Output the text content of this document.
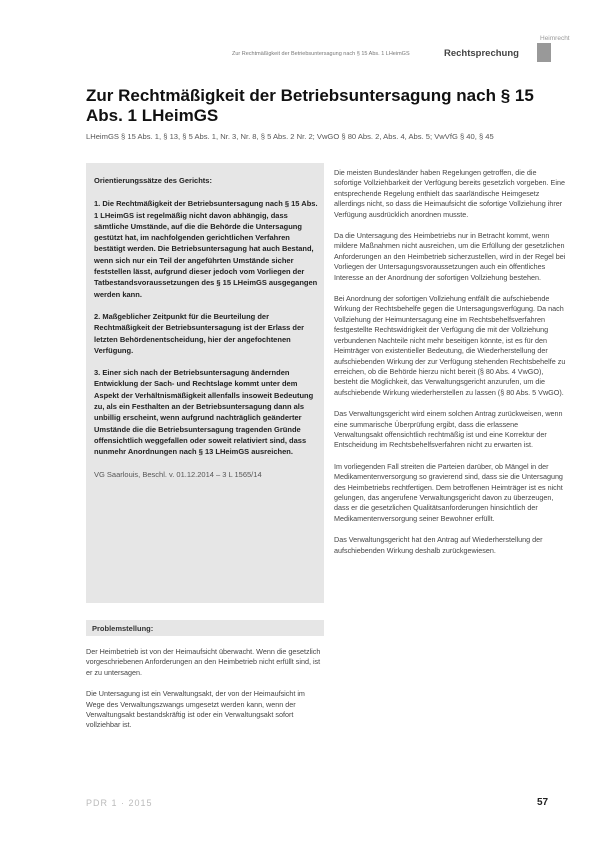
Heimrecht
Zur Rechtmäßigkeit der Betriebsuntersagung nach § 15 Abs. 1 LHeimGS	Rechtsprechung
Zur Rechtmäßigkeit der Betriebsuntersagung nach § 15 Abs. 1 LHeimGS
LHeimGS § 15 Abs. 1, § 13, § 5 Abs. 1, Nr. 3, Nr. 8, § 5 Abs. 2 Nr. 2; VwGO § 80 Abs. 2, Abs. 4, Abs. 5; VwVfG § 40, § 45
Orientierungssätze des Gerichts:
1. Die Rechtmäßigkeit der Betriebsuntersagung nach § 15 Abs. 1 LHeimGS ist regelmäßig nicht davon abhängig, dass sämtliche Umstände, auf die die Behörde die Untersagung gestützt hat, im nachfolgenden gerichtlichen Verfahren bestätigt werden. Die Betriebsuntersagung hat auch Bestand, wenn sich nur ein Teil der angeführten Umstände sicher feststellen lässt, aufgrund dieser jedoch vom Vorliegen der Tatbestandsvoraussetzungen des § 15 LHeimGS ausgegangen werden kann.
2. Maßgeblicher Zeitpunkt für die Beurteilung der Rechtmäßigkeit der Betriebsuntersagung ist der Erlass der letzten Behördenentscheidung, hier der angefochtenen Verfügung.
3. Einer sich nach der Betriebsuntersagung ändernden Entwicklung der Sach- und Rechtslage kommt unter dem Aspekt der Verhältnismäßigkeit allenfalls insoweit Bedeutung zu, als ein Festhalten an der Betriebsuntersagung dann als unbillig erscheint, wenn aufgrund nachträglich geänderter Umstände die die Betriebsuntersagung tragenden Gründe offensichtlich weggefallen oder soweit relativiert sind, dass nunmehr Anordnungen nach § 13 LHeimGS ausreichen.
VG Saarlouis, Beschl. v. 01.12.2014 – 3 L 1565/14
Problemstellung:

Der Heimbetrieb ist von der Heimaufsicht überwacht. Wenn die gesetzlich vorgeschriebenen Anforderungen an den Heimbetrieb nicht erfüllt sind, ist er zu untersagen.

Die Untersagung ist ein Verwaltungsakt, der von der Heimaufsicht im Wege des Verwaltungszwangs umgesetzt werden kann, wenn der Verwaltungsakt bestandskräftig ist oder ein Verwaltungsakt sofort vollziehbar ist.

Die meisten Bundesländer haben Regelungen getroffen, die die sofortige Vollziehbarkeit der Verfügung bereits gesetzlich vorgeben. Eine entsprechende Regelung enthielt das saarländische Heimgesetz allerdings nicht, so dass die Heimaufsicht die sofortige Vollziehung ihrer Verfügung ausdrücklich anordnen musste.

Da die Untersagung des Heimbetriebs nur in Betracht kommt, wenn mildere Maßnahmen nicht ausreichen, um die Erfüllung der gesetzlichen Anforderungen an den Heimbetrieb sicherzustellen, wird in der Regel bei Vorliegen der Untersagungsvoraussetzungen auch ein öffentliches Interesse an der Anordnung der sofortigen Vollziehung bestehen.

Bei Anordnung der sofortigen Vollziehung entfällt die aufschiebende Wirkung der Rechtsbehelfe gegen die Untersagungsverfügung. Da nach Vollziehung der Heimuntersagung eine im Rechtsbehelfsverfahren festgestellte Rechtswidrigkeit der Verfügung die mit der Vollziehung verbundenen Nachteile nicht mehr beseitigen könnte, ist es für den Heimträger von existentieller Bedeutung, die Wiederherstellung der aufschiebenden Wirkung der zur Verfügung stehenden Rechtsbehelfe zu erreichen, ob die Behörde hierzu nicht bereit (§ 80 Abs. 4 VwGO), besteht die Möglichkeit, das Verwaltungsgericht anzurufen, um die aufschiebende Wirkung wiederherstellen zu lassen (§ 80 Abs. 5 VwGO).

Das Verwaltungsgericht wird einem solchen Antrag zurückweisen, wenn eine summarische Überprüfung ergibt, dass die erlassene Verwaltungsakt offensichtlich rechtmäßig ist und eine Korrektur der Entscheidung im Rechtsbehelfsverfahren nicht zu erwarten ist.

Im vorliegenden Fall streiten die Parteien darüber, ob Mängel in der Medikamentenversorgung so gravierend sind, dass sie die Untersagung des Heimbetriebs rechtfertigen. Dem betroffenen Heimträger ist es nicht gelungen, das angerufene Verwaltungsgericht davon zu überzeugen, dass er die gesetzlichen Qualitätsanforderungen hinsichtlich der Medikamentenversorgung seiner Bewohner erfüllt.

Das Verwaltungsgericht hat den Antrag auf Wiederherstellung der aufschiebenden Wirkung deshalb zurückgewiesen.

PDR 1 · 2015	57
